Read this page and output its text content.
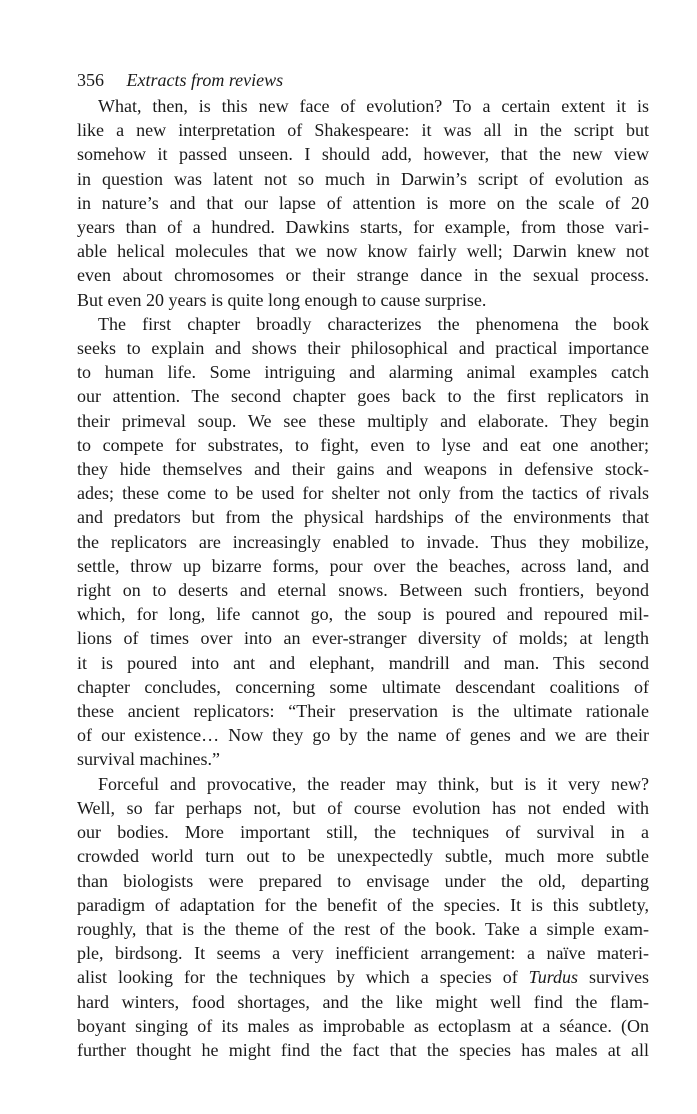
356 Extracts from reviews
What, then, is this new face of evolution? To a certain extent it is
like a new interpretation of Shakespeare: it was all in the script but
somehow it passed unseen. I should add, however, that the new view
in question was latent not so much in Darwin’s script of evolution as
in nature’s and that our lapse of attention is more on the scale of 20
years than of a hundred. Dawkins starts, for example, from those vari-
able helical molecules that we now know fairly well; Darwin knew not
even about chromosomes or their strange dance in the sexual process.
But even 20 years is quite long enough to cause surprise.
The first chapter broadly characterizes the phenomena the book
seeks to explain and shows their philosophical and practical importance
to human life. Some intriguing and alarming animal examples catch
our attention. The second chapter goes back to the first replicators in
their primeval soup. We see these multiply and elaborate. They begin
to compete for substrates, to fight, even to lyse and eat one another;
they hide themselves and their gains and weapons in defensive stock-
ades; these come to be used for shelter not only from the tactics of rivals
and predators but from the physical hardships of the environments that
the replicators are increasingly enabled to invade. Thus they mobilize,
settle, throw up bizarre forms, pour over the beaches, across land, and
right on to deserts and eternal snows. Between such frontiers, beyond
which, for long, life cannot go, the soup is poured and repoured mil-
lions of times over into an ever-stranger diversity of molds; at length
it is poured into ant and elephant, mandrill and man. This second
chapter concludes, concerning some ultimate descendant coalitions of
these ancient replicators: “Their preservation is the ultimate rationale
of our existence… Now they go by the name of genes and we are their
survival machines.”
Forceful and provocative, the reader may think, but is it very new?
Well, so far perhaps not, but of course evolution has not ended with
our bodies. More important still, the techniques of survival in a
crowded world turn out to be unexpectedly subtle, much more subtle
than biologists were prepared to envisage under the old, departing
paradigm of adaptation for the benefit of the species. It is this subtlety,
roughly, that is the theme of the rest of the book. Take a simple exam-
ple, birdsong. It seems a very inefficient arrangement: a naïve materi-
alist looking for the techniques by which a species of Turdus survives
hard winters, food shortages, and the like might well find the flam-
boyant singing of its males as improbable as ectoplasm at a séance. (On
further thought he might find the fact that the species has males at all
